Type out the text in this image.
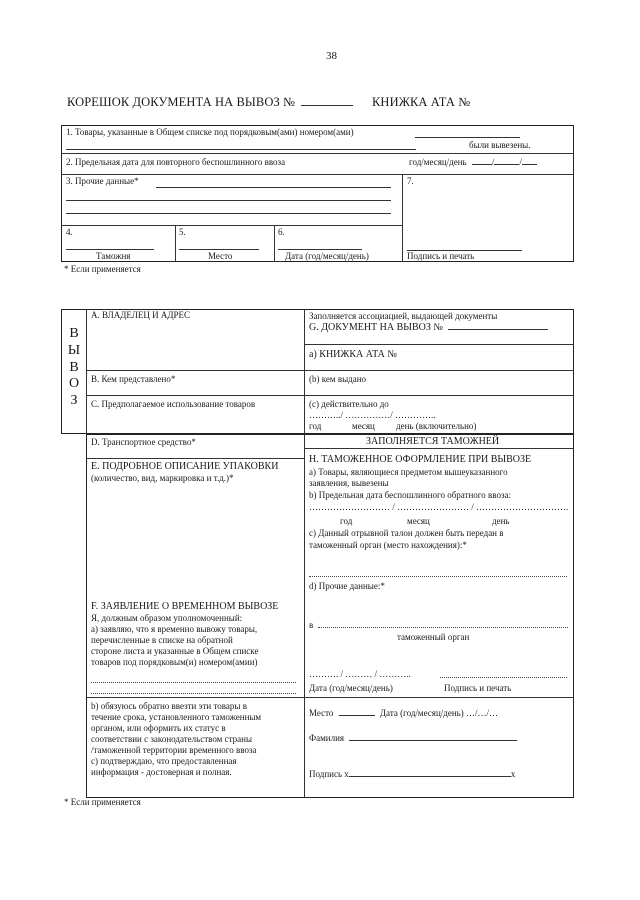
38
КОРЕШОК ДОКУМЕНТА НА ВЫВОЗ №	КНИЖКА АТА №
1. Товары, указанные в Общем списке под порядковым(ами) номером(ами)
были вывезены.
2. Предельная дата для повторного беспошлинного ввоза	год/месяц/день	/	/
3. Прочие данные*	7.
Подпись и печать
4.
Таможня
5.
Место
6.
Дата (год/месяц/день)
* Если применяется
В
Ы
В
О
З
A. ВЛАДЕЛЕЦ И АДРЕС
B. Кем представлено*
C. Предполагаемое использование товаров
Заполняется ассоциацией, выдающей документы
G. ДОКУМЕНТ НА ВЫВОЗ №
а) КНИЖКА АТА №
(b) кем выдано
(c) действительно до
………../ ……………/ …………..
год	месяц день (включительно)
D. Транспортное средство*
E. ПОДРОБНОЕ ОПИСАНИЕ УПАКОВКИ
(количество, вид, маркировка и т.д.)*
F. ЗАЯВЛЕНИЕ О ВРЕМЕННОМ ВЫВОЗЕ
Я, должным образом уполномоченный:
а) заявляю, что я временно вывожу товары,
перечисленные в списке на обратной
стороне листа и указанные в Общем списке
товаров под порядковым(и) номером(амии)
b) обязуюсь обратно ввезти эти товары в
течение срока, установленного таможенным
органом, или оформить их статус в
соответствии с законодательством страны
/таможенной территории временного ввоза
с) подтверждаю, что предоставленная
информация - достоверная и полная.
ЗАПОЛНЯЕТСЯ ТАМОЖНЕЙ
H. ТАМОЖЕННОЕ ОФОРМЛЕНИЕ ПРИ ВЫВОЗЕ
а) Товары, являющиеся предметом вышеуказанного
заявления, вывезены
b) Предельная дата беспошлинного обратного ввоза:
……………………… / …………………… / ………………………….
год	месяц	день
с) Данный отрывной талон должен быть передан в
таможенный орган (место нахождения):*
d) Прочие данные:*
в
таможенный орган
………. / ……… / ………..
Дата (год/месяц/день)	Подпись и печать
Место	Дата (год/месяц/день) …/…/…
Фамилия
Подпись х	х
* Если применяется
